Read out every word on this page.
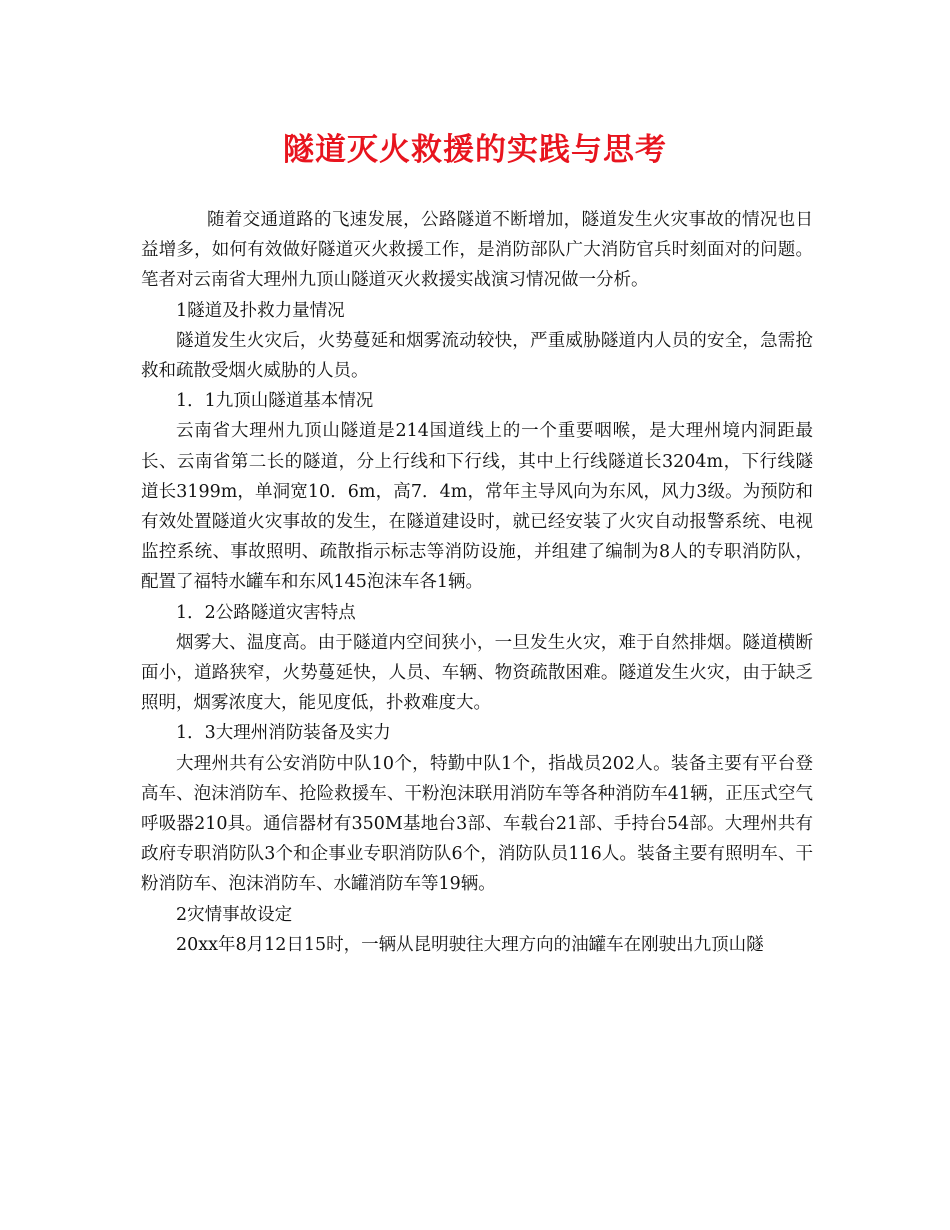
隧道灭火救援的实践与思考

随着交通道路的飞速发展，公路隧道不断增加，隧道发生火灾事故的情况也日益增多，如何有效做好隧道灭火救援工作，是消防部队广大消防官兵时刻面对的问题。笔者对云南省大理州九顶山隧道灭火救援实战演习情况做一分析。

1隧道及扑救力量情况

隧道发生火灾后，火势蔓延和烟雾流动较快，严重威胁隧道内人员的安全，急需抢救和疏散受烟火威胁的人员。

1．1九顶山隧道基本情况

云南省大理州九顶山隧道是214国道线上的一个重要咽喉，是大理州境内洞距最长、云南省第二长的隧道，分上行线和下行线，其中上行线隧道长3204m，下行线隧道长3199m，单洞宽10．6m，高7．4m，常年主导风向为东风，风力3级。为预防和有效处置隧道火灾事故的发生，在隧道建设时，就已经安装了火灾自动报警系统、电视监控系统、事故照明、疏散指示标志等消防设施，并组建了编制为8人的专职消防队，配置了福特水罐车和东风145泡沫车各1辆。

1．2公路隧道灾害特点

烟雾大、温度高。由于隧道内空间狭小，一旦发生火灾，难于自然排烟。隧道横断面小，道路狭窄，火势蔓延快，人员、车辆、物资疏散困难。隧道发生火灾，由于缺乏照明，烟雾浓度大，能见度低，扑救难度大。

1．3大理州消防装备及实力

大理州共有公安消防中队10个，特勤中队1个，指战员202人。装备主要有平台登高车、泡沫消防车、抢险救援车、干粉泡沫联用消防车等各种消防车41辆，正压式空气呼吸器210具。通信器材有350M基地台3部、车载台21部、手持台54部。大理州共有政府专职消防队3个和企事业专职消防队6个，消防队员116人。装备主要有照明车、干粉消防车、泡沫消防车、水罐消防车等19辆。

2灾情事故设定

20xx年8月12日15时，一辆从昆明驶往大理方向的油罐车在刚驶出九顶山隧
